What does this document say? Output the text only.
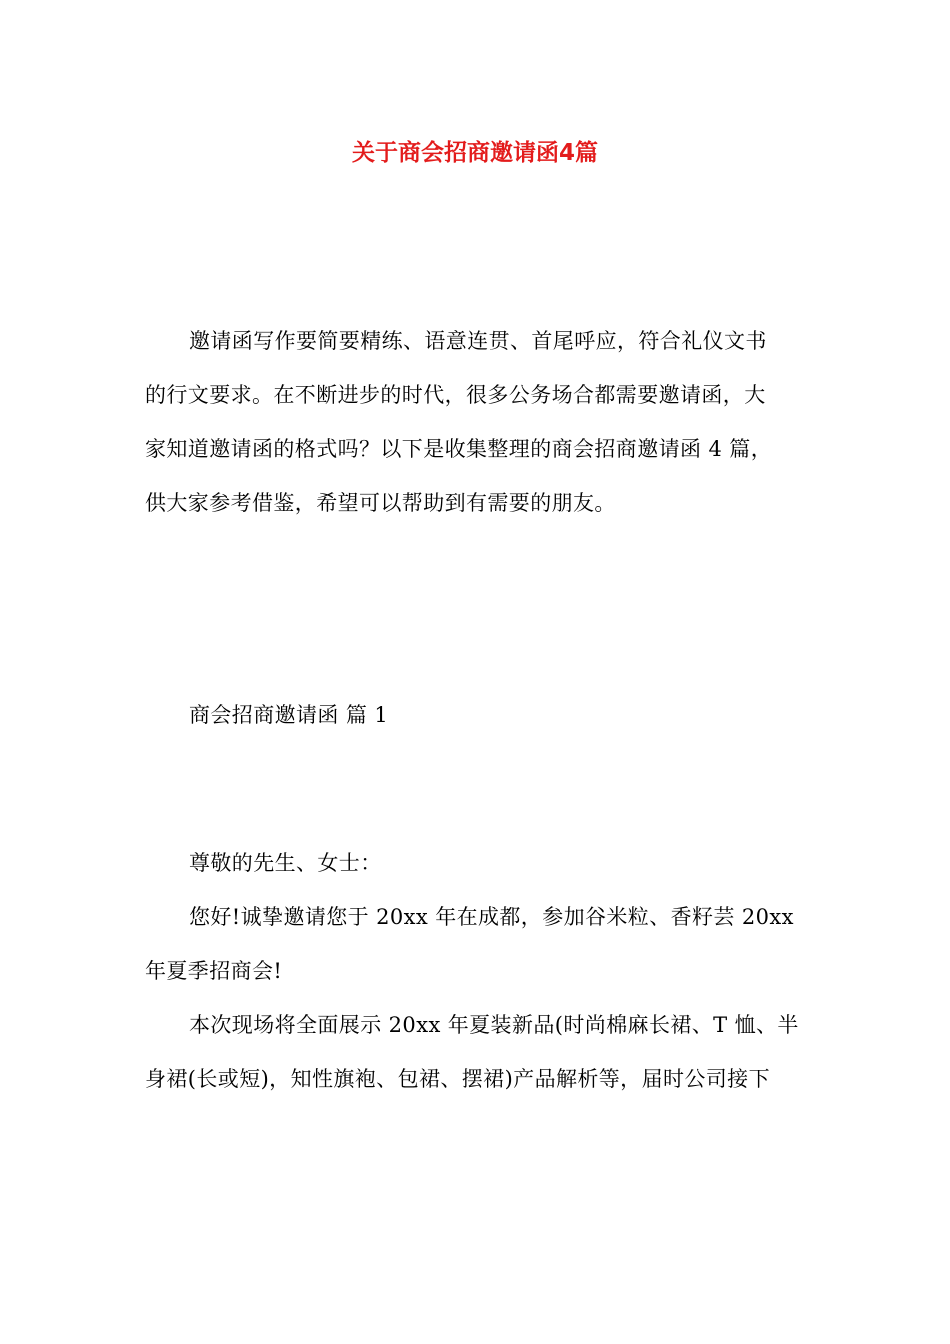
关于商会招商邀请函4篇
邀请函写作要简要精练、语意连贯、首尾呼应，符合礼仪文书
的行文要求。在不断进步的时代，很多公务场合都需要邀请函，大
家知道邀请函的格式吗？以下是收集整理的商会招商邀请函 4 篇，
供大家参考借鉴，希望可以帮助到有需要的朋友。
商会招商邀请函 篇 1
尊敬的先生、女士：
您好!诚挚邀请您于 20xx 年在成都，参加谷米粒、香籽芸 20xx
年夏季招商会!
本次现场将全面展示 20xx 年夏装新品(时尚棉麻长裙、T 恤、半
身裙(长或短)，知性旗袍、包裙、摆裙)产品解析等，届时公司接下
